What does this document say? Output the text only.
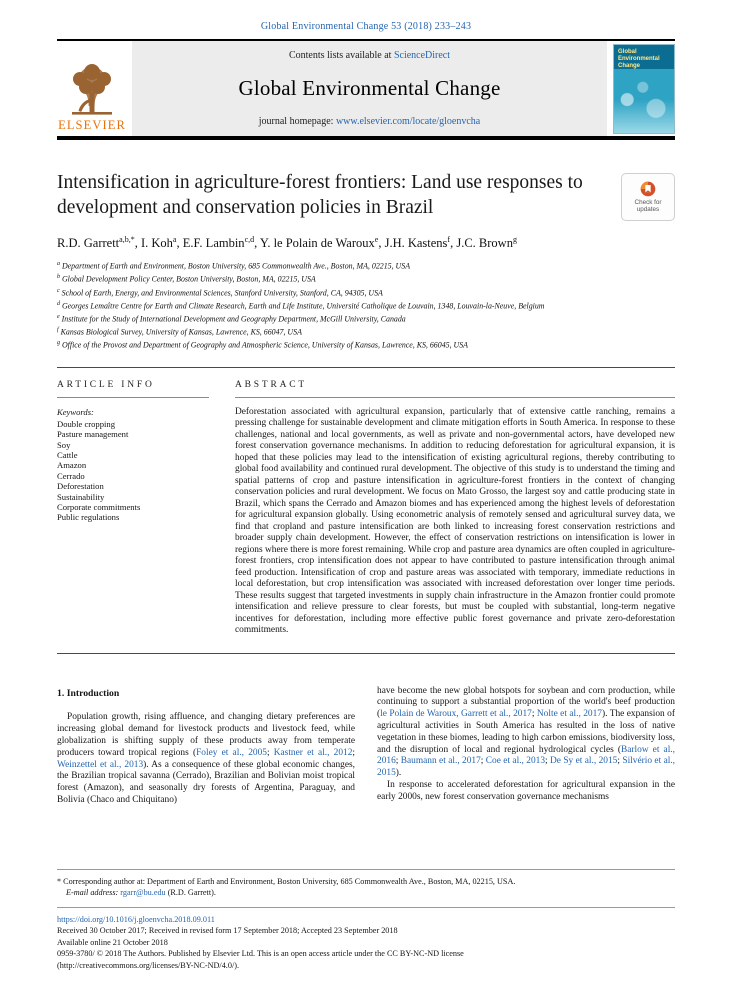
Global Environmental Change 53 (2018) 233–243
ELSEVIER
Contents lists available at ScienceDirect
Global Environmental Change
journal homepage: www.elsevier.com/locate/gloenvcha
Global Environmental Change
Intensification in agriculture-forest frontiers: Land use responses to development and conservation policies in Brazil	Check for
updates
R.D. Garrett$^{a,b,*}$, I. Koh$^a$, E.F. Lambin$^{c,d}$, Y. le Polain de Waroux$^e$, J.H. Kastens$^f$, J.C. Brown$^g$
$^a$ Department of Earth and Environment, Boston University, 685 Commonwealth Ave., Boston, MA, 02215, USA
$^b$ Global Development Policy Center, Boston University, Boston, MA, 02215, USA
$^c$ School of Earth, Energy, and Environmental Sciences, Stanford University, Stanford, CA, 94305, USA
$^d$ Georges Lemaître Centre for Earth and Climate Research, Earth and Life Institute, Université Catholique de Louvain, 1348, Louvain-la-Neuve, Belgium
$^e$ Institute for the Study of International Development and Geography Department, McGill University, Canada
$^f$ Kansas Biological Survey, University of Kansas, Lawrence, KS, 66047, USA
$^g$ Office of the Provost and Department of Geography and Atmospheric Science, University of Kansas, Lawrence, KS, 66045, USA
ARTICLE INFO
Keywords:
Double cropping
Pasture management
Soy
Cattle
Amazon
Cerrado
Deforestation
Sustainability
Corporate commitments
Public regulations
ABSTRACT
Deforestation associated with agricultural expansion, particularly that of extensive cattle ranching, remains a pressing challenge for sustainable development and climate mitigation efforts in South America. In response to these challenges, national and local governments, as well as private and non-governmental actors, have developed new forest conservation governance mechanisms. In addition to reducing deforestation for agricultural expansion, it is hoped that these policies may lead to the intensification of existing agricultural regions, thereby contributing to global food availability and continued rural development. The objective of this study is to understand the timing and spatial patterns of crop and pasture intensification in agriculture-forest frontiers in the context of changing conservation policies and rural development. We focus on Mato Grosso, the largest soy and cattle producing state in Brazil, which spans the Cerrado and Amazon biomes and has experienced among the highest levels of deforestation for agricultural expansion globally. Using econometric analysis of remotely sensed and agricultural survey data, we find that cropland and pasture intensification are both linked to increasing forest conservation restrictions and broader supply chain development. However, the effect of conservation restrictions on intensification is lower in regions where there is more forest remaining. While crop and pasture area dynamics are often coupled in agriculture-forest frontiers, crop intensification does not appear to have contributed to pasture intensification through animal feed production. Intensification of crop and pasture areas was associated with temporary, immediate reductions in local deforestation, but crop intensification was associated with increased deforestation over longer time periods. These results suggest that targeted investments in supply chain infrastructure in the Amazon frontier could promote intensification and relieve pressure to clear forests, but must be coupled with substantial, long-term negative incentives for deforestation, including more effective public forest governance and private zero-deforestation commitments.
1. Introduction

Population growth, rising affluence, and changing dietary preferences are increasing global demand for livestock products and livestock feed, while globalization is shifting supply of these products away from temperate producers toward tropical regions (Foley et al., 2005; Kastner et al., 2012; Weinzettel et al., 2013). As a consequence of these global economic changes, the Brazilian tropical savanna (Cerrado), Brazilian and Bolivian moist tropical forest (Amazon), and seasonally dry forests of Argentina, Paraguay, and Bolivia (Chaco and Chiquitano)

have become the new global hotspots for soybean and corn production, while continuing to support a substantial proportion of the world's beef production (le Polain de Waroux, Garrett et al., 2017; Nolte et al., 2017). The expansion of agricultural activities in South America has resulted in the loss of native vegetation in these biomes, leading to high carbon emissions, biodiversity loss, and the disruption of local and regional hydrological cycles (Barlow et al., 2016; Baumann et al., 2017; Coe et al., 2013; De Sy et al., 2015; Silvério et al., 2015).

In response to accelerated deforestation for agricultural expansion in the early 2000s, new forest conservation governance mechanisms

* Corresponding author at: Department of Earth and Environment, Boston University, 685 Commonwealth Ave., Boston, MA, 02215, USA.
E-mail address: rgarr@bu.edu (R.D. Garrett).
https://doi.org/10.1016/j.gloenvcha.2018.09.011
Received 30 October 2017; Received in revised form 17 September 2018; Accepted 23 September 2018
Available online 21 October 2018
0959-3780/ © 2018 The Authors. Published by Elsevier Ltd. This is an open access article under the CC BY-NC-ND license
(http://creativecommons.org/licenses/BY-NC-ND/4.0/).
